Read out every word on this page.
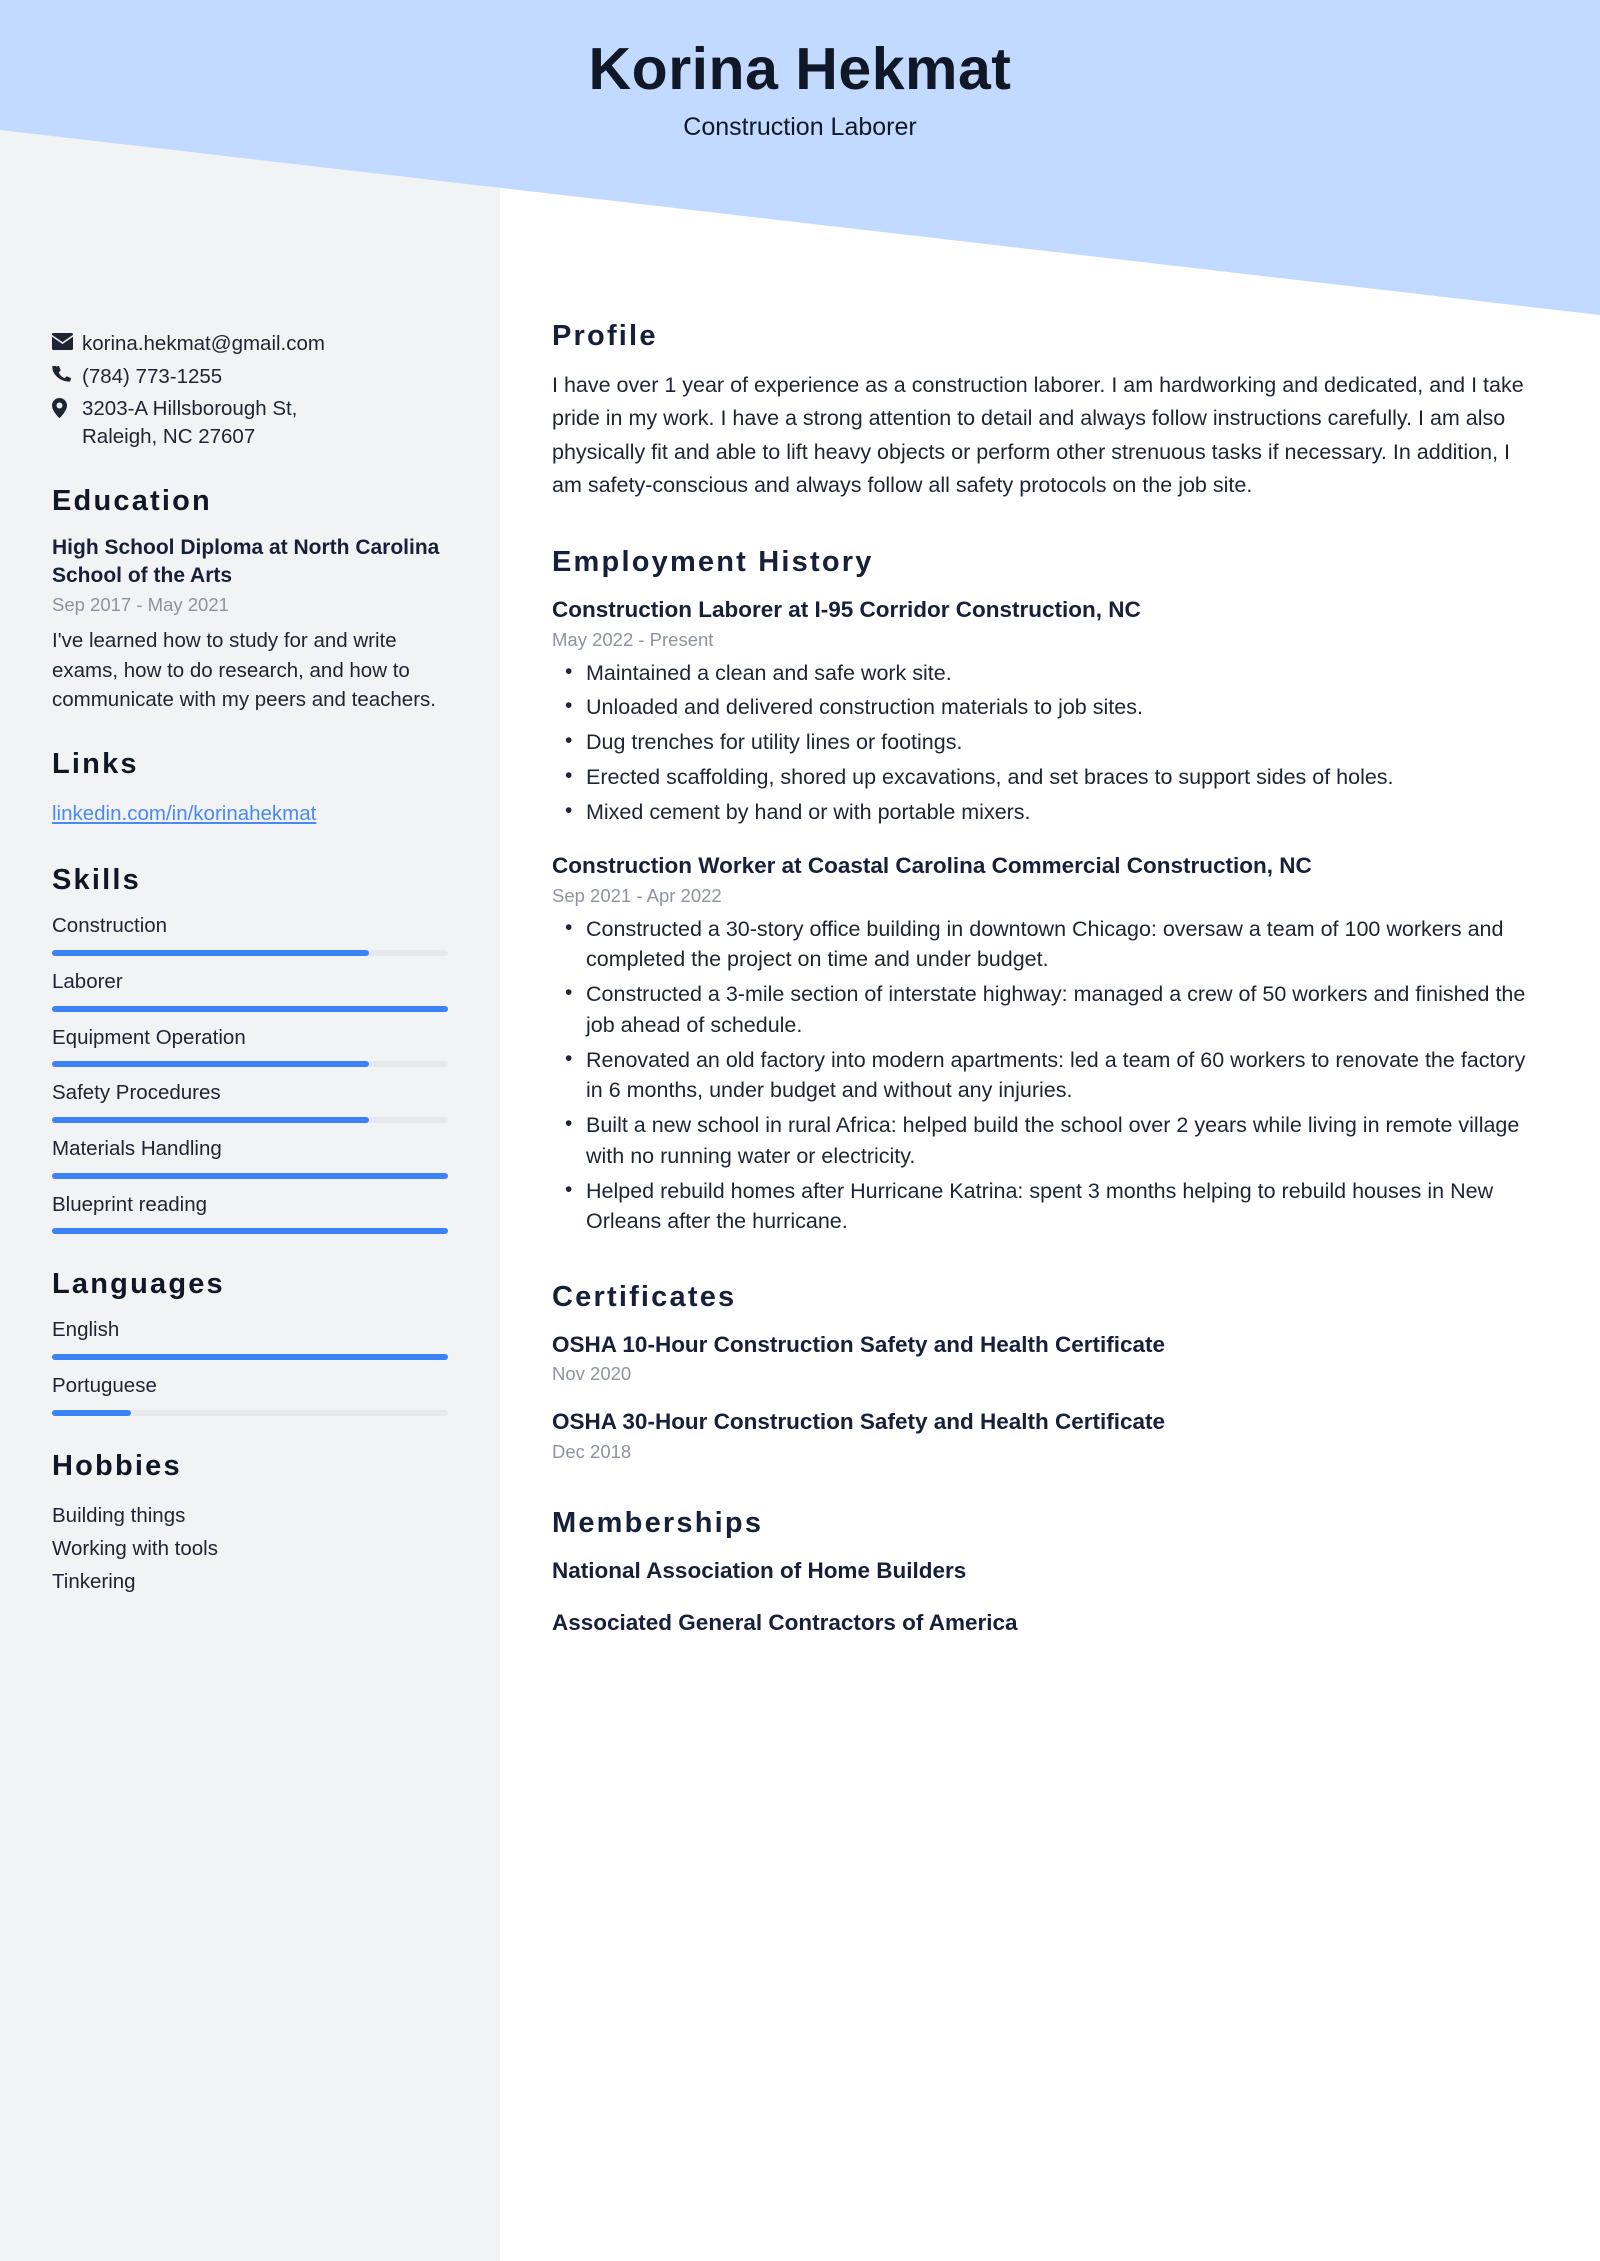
Korina Hekmat
Construction Laborer
korina.hekmat@gmail.com
(784) 773-1255
3203-A Hillsborough St,
Raleigh, NC 27607
Education
High School Diploma at North Carolina School of the Arts
Sep 2017 - May 2021
I've learned how to study for and write exams, how to do research, and how to communicate with my peers and teachers.
Links
linkedin.com/in/korinahekmat
Skills
Construction
Laborer
Equipment Operation
Safety Procedures
Materials Handling
Blueprint reading
Languages
English
Portuguese
Hobbies
Building things
Working with tools
Tinkering
Profile
I have over 1 year of experience as a construction laborer. I am hardworking and dedicated, and I take pride in my work. I have a strong attention to detail and always follow instructions carefully. I am also physically fit and able to lift heavy objects or perform other strenuous tasks if necessary. In addition, I am safety-conscious and always follow all safety protocols on the job site.
Employment History
Construction Laborer at I-95 Corridor Construction, NC
May 2022 - Present
• Maintained a clean and safe work site.
• Unloaded and delivered construction materials to job sites.
• Dug trenches for utility lines or footings.
• Erected scaffolding, shored up excavations, and set braces to support sides of holes.
• Mixed cement by hand or with portable mixers.
Construction Worker at Coastal Carolina Commercial Construction, NC
Sep 2021 - Apr 2022
• Constructed a 30-story office building in downtown Chicago: oversaw a team of 100 workers and completed the project on time and under budget.
• Constructed a 3-mile section of interstate highway: managed a crew of 50 workers and finished the job ahead of schedule.
• Renovated an old factory into modern apartments: led a team of 60 workers to renovate the factory in 6 months, under budget and without any injuries.
• Built a new school in rural Africa: helped build the school over 2 years while living in remote village with no running water or electricity.
• Helped rebuild homes after Hurricane Katrina: spent 3 months helping to rebuild houses in New Orleans after the hurricane.
Certificates
OSHA 10-Hour Construction Safety and Health Certificate
Nov 2020
OSHA 30-Hour Construction Safety and Health Certificate
Dec 2018
Memberships
National Association of Home Builders
Associated General Contractors of America
